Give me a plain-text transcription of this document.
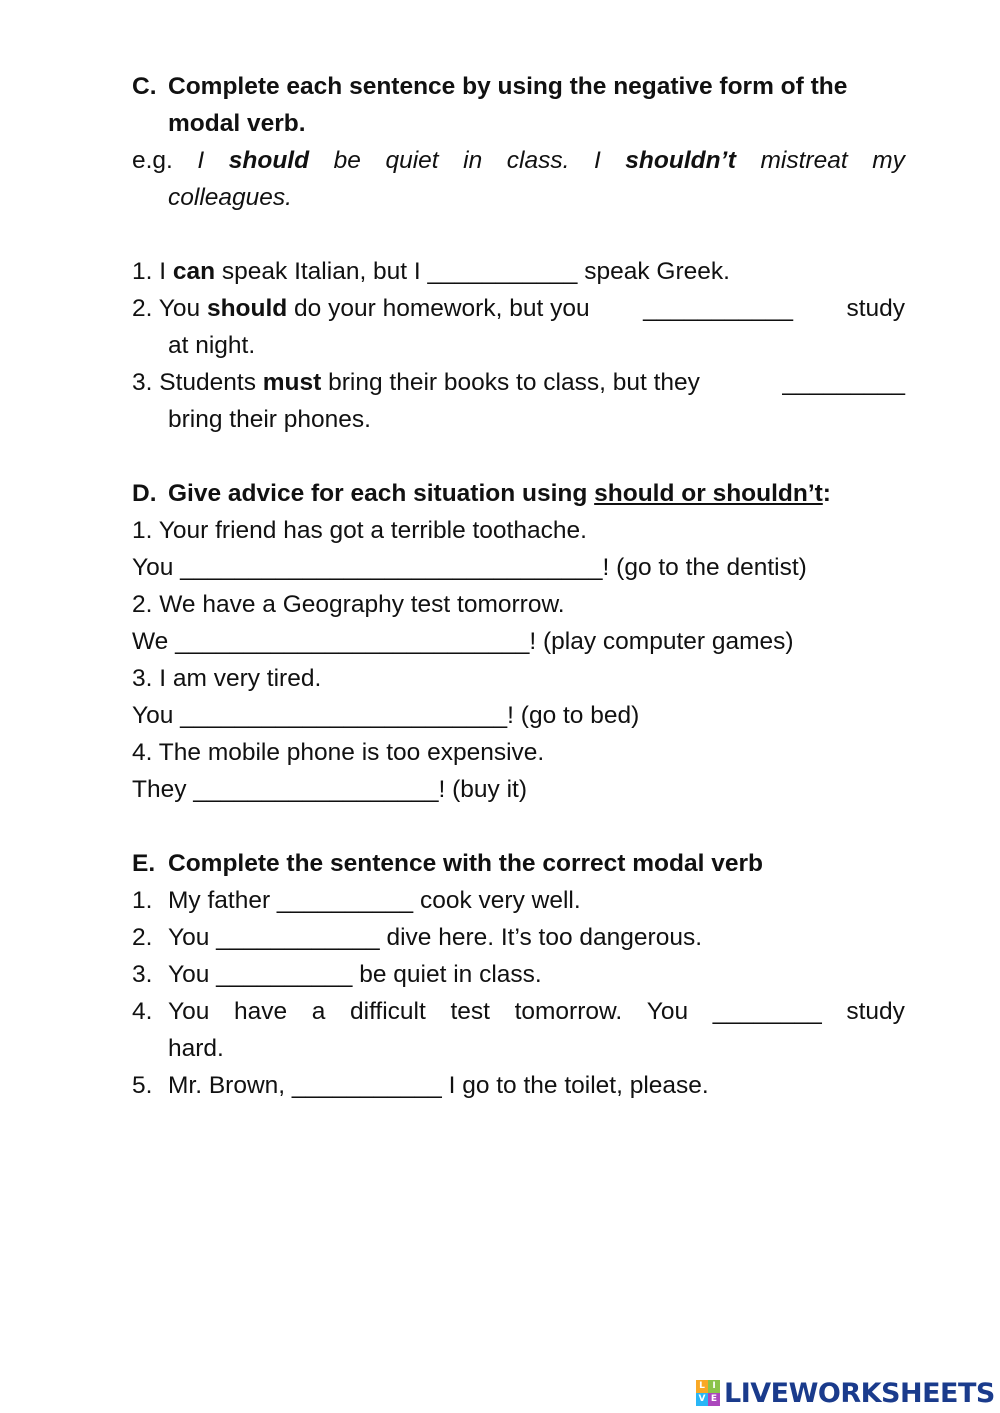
C. Complete each sentence by using the negative form of the
modal verb.
e.g. I should be quiet in class. I shouldn’t mistreat my
colleagues.
1. I can speak Italian, but I ___________ speak Greek.
2. You should do your homework, but you ___________ study
at night.
3. Students must bring their books to class, but they	_________
bring their phones.
D. Give advice for each situation using should or shouldn’t:
1. Your friend has got a terrible toothache.
You _______________________________! (go to the dentist)
2. We have a Geography test tomorrow.
We __________________________! (play computer games)
3. I am very tired.
You ________________________! (go to bed)
4. The mobile phone is too expensive.
They __________________! (buy it)
E. Complete the sentence with the correct modal verb
1. My father __________ cook very well.
2. You ____________ dive here. It’s too dangerous.
3. You __________ be quiet in class.
4. You have a difficult test tomorrow. You ________ study
hard.
5. Mr. Brown, ___________ I go to the toilet, please.
L I
V E LIVEWORKSHEETS
